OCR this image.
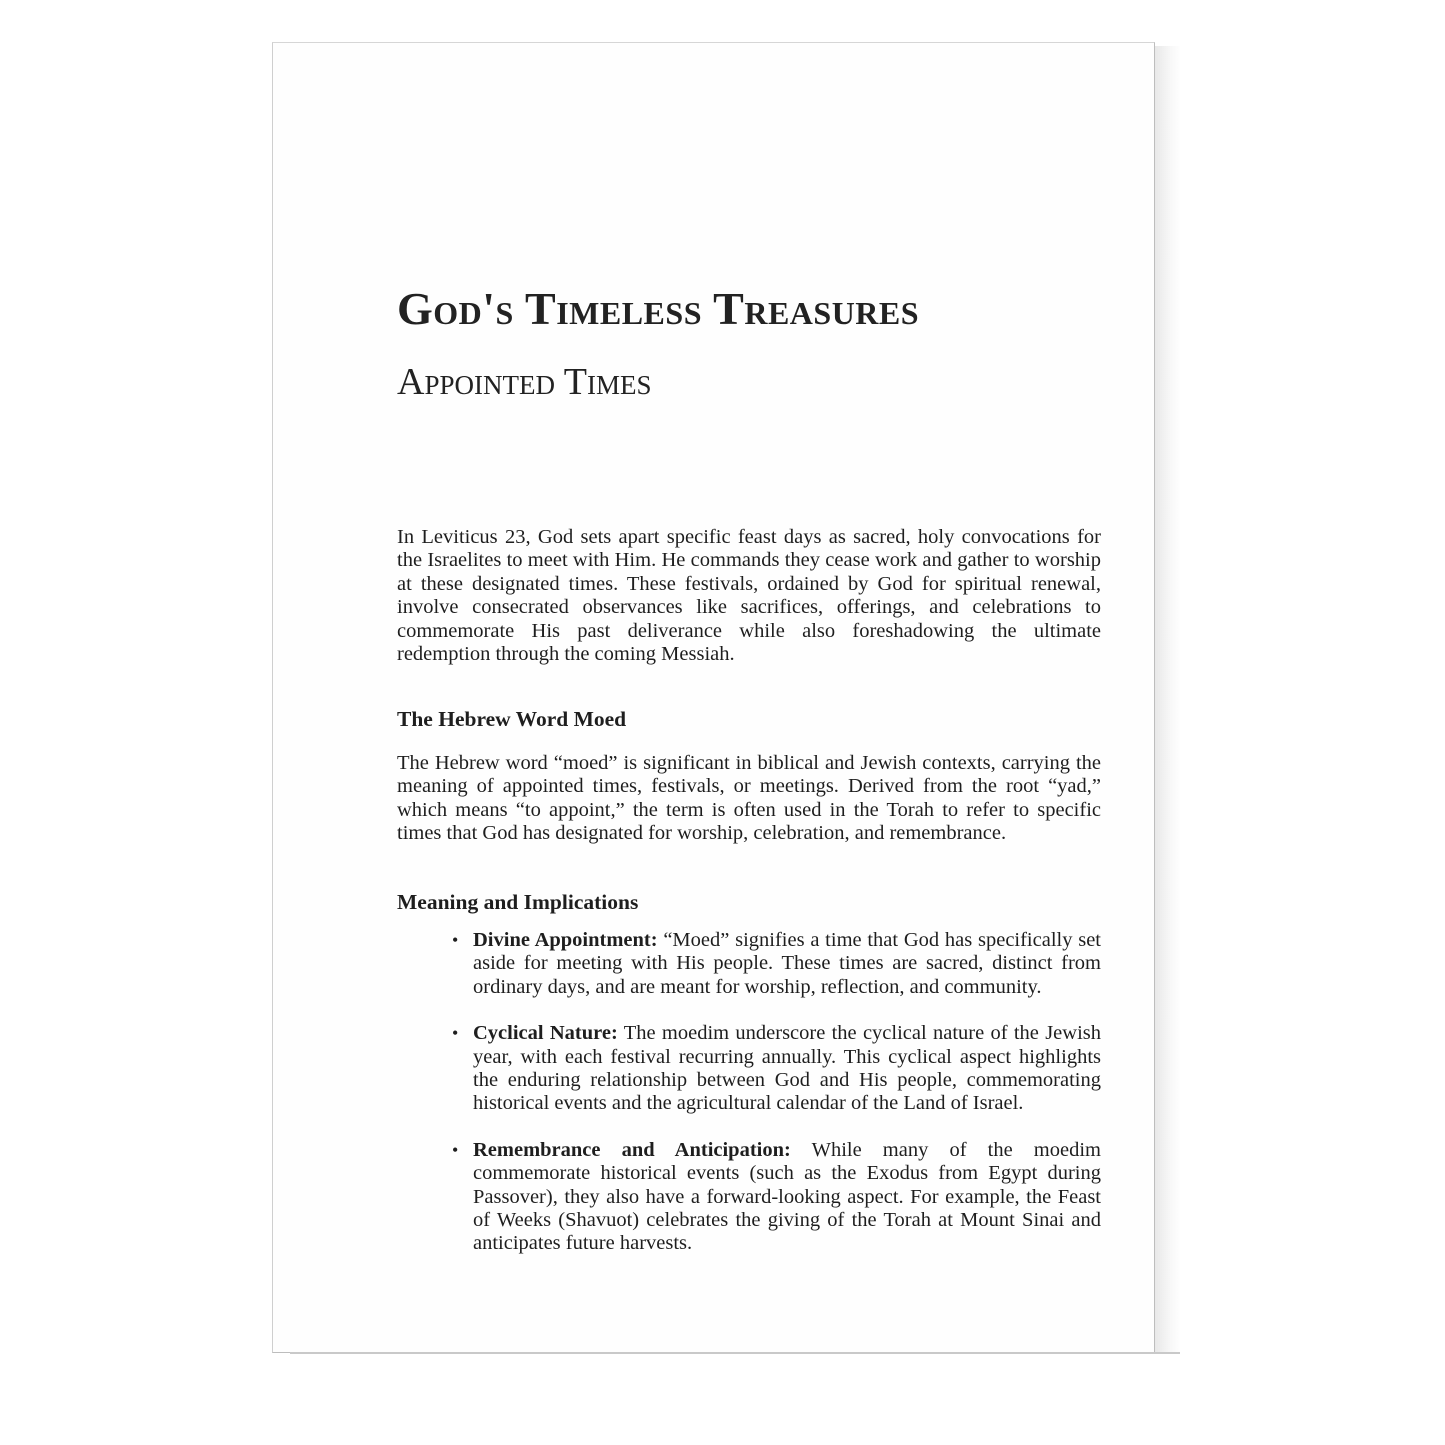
God's Timeless Treasures
Appointed Times

In Leviticus 23, God sets apart specific feast days as sacred, holy convocations for the Israelites to meet with Him. He commands they cease work and gather to worship at these designated times. These festivals, ordained by God for spiritual renewal, involve consecrated observances like sacrifices, offerings, and celebrations to commemorate His past deliverance while also foreshadowing the ultimate redemption through the coming Messiah.

The Hebrew Word Moed

The Hebrew word “moed” is significant in biblical and Jewish contexts, carrying the meaning of appointed times, festivals, or meetings. Derived from the root “yad,” which means “to appoint,” the term is often used in the Torah to refer to specific times that God has designated for worship, celebration, and remembrance.

Meaning and Implications
• Divine Appointment: “Moed” signifies a time that God has specifically set aside for meeting with His people. These times are sacred, distinct from ordinary days, and are meant for worship, reflection, and community.
• Cyclical Nature: The moedim underscore the cyclical nature of the Jewish year, with each festival recurring annually. This cyclical aspect highlights the enduring relationship between God and His people, commemorating historical events and the agricultural calendar of the Land of Israel.
• Remembrance and Anticipation: While many of the moedim commemorate historical events (such as the Exodus from Egypt during Passover), they also have a forward-looking aspect. For example, the Feast of Weeks (Shavuot) celebrates the giving of the Torah at Mount Sinai and anticipates future harvests.
